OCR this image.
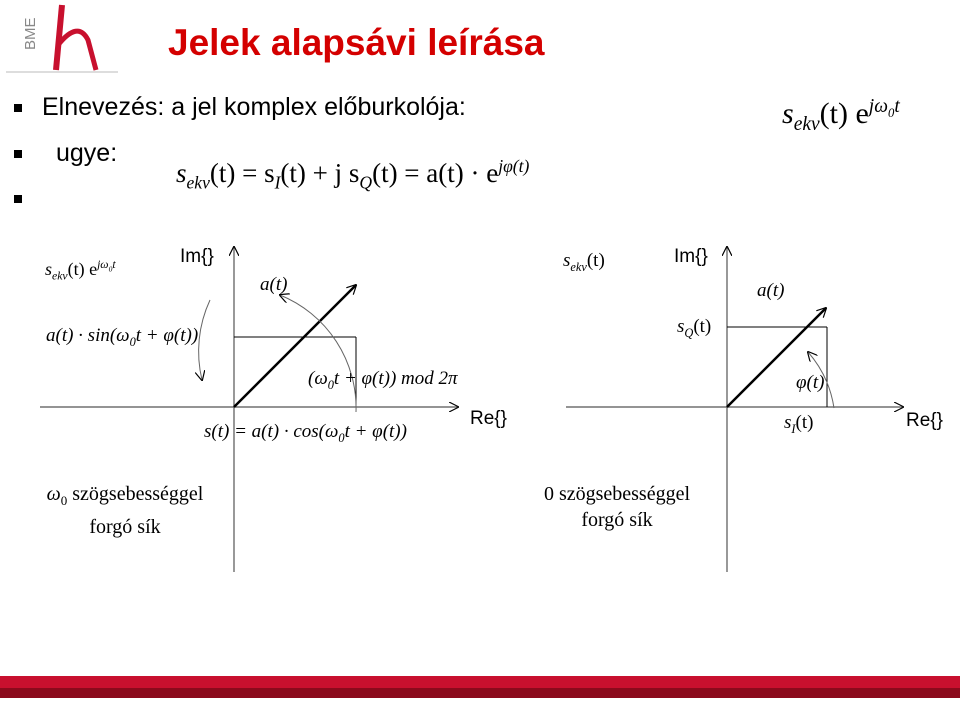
BME	Jelek alapsávi leírása
Elnevezés: a jel komplex előburkolója:
ugye:
$s_{ekv}(t) = s_I(t) + j$ $s_Q(t) = a(t) \cdot e^{j\varphi(t)}$
$s_{ekv}(t)$ $e^{j\omega_0t}$
$s_{ekv}(t)$ $e^{j\omega_0t}$	Im{}
a(t)
$a(t) \cdot \sin(\omega_0t + \varphi(t))$
$(\omega_0t + \varphi(t))$ mod 2π
$s(t) = a(t) \cdot \cos(\omega_0t + \varphi(t))$
Re{}
$\omega_0$ szögsebességgel
forgó sík
$s_{ekv}(t)$	Im{}
a(t)
$s_Q(t)$
φ(t)
$s_I(t)$	Re{}
0 szögsebességgel
forgó sík
